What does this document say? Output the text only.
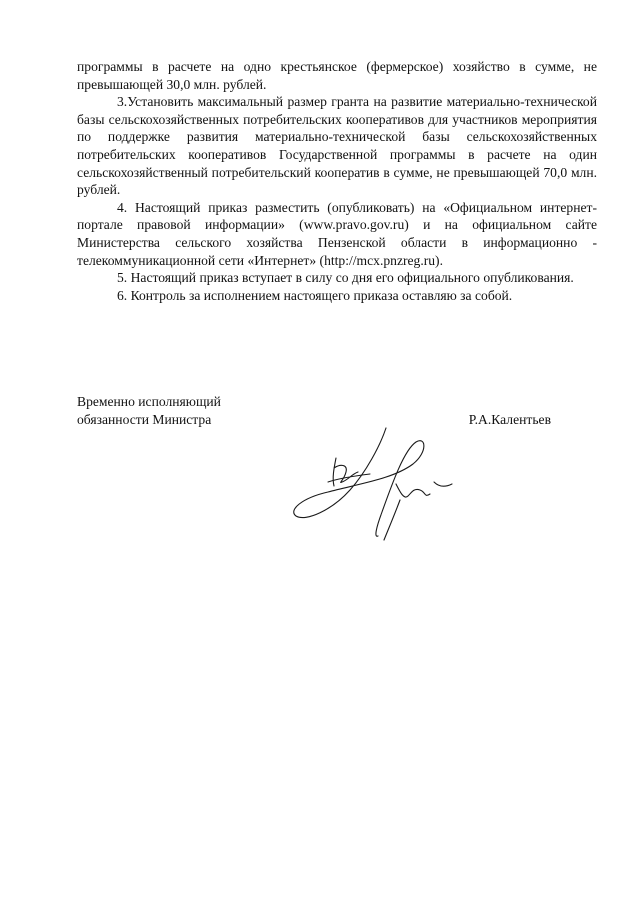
программы в расчете на одно крестьянское (фермерское) хозяйство в сумме, не превышающей 30,0 млн. рублей.

3.Установить максимальный размер гранта на развитие материально-технической базы сельскохозяйственных потребительских кооперативов для участников мероприятия по поддержке развития материально-технической базы сельскохозяйственных потребительских кооперативов Государственной программы в расчете на один сельскохозяйственный потребительский кооператив в сумме, не превышающей 70,0 млн. рублей.

4. Настоящий приказ разместить (опубликовать) на «Официальном интернет-портале правовой информации» (www.pravo.gov.ru) и на официальном сайте Министерства сельского хозяйства Пензенской области в информационно - телекоммуникационной сети «Интернет» (http://mcx.pnzreg.ru).

5. Настоящий приказ вступает в силу со дня его официального опубликования.

6. Контроль за исполнением настоящего приказа оставляю за собой.

Временно исполняющий

обязанности Министра	Р.А.Калентьев
